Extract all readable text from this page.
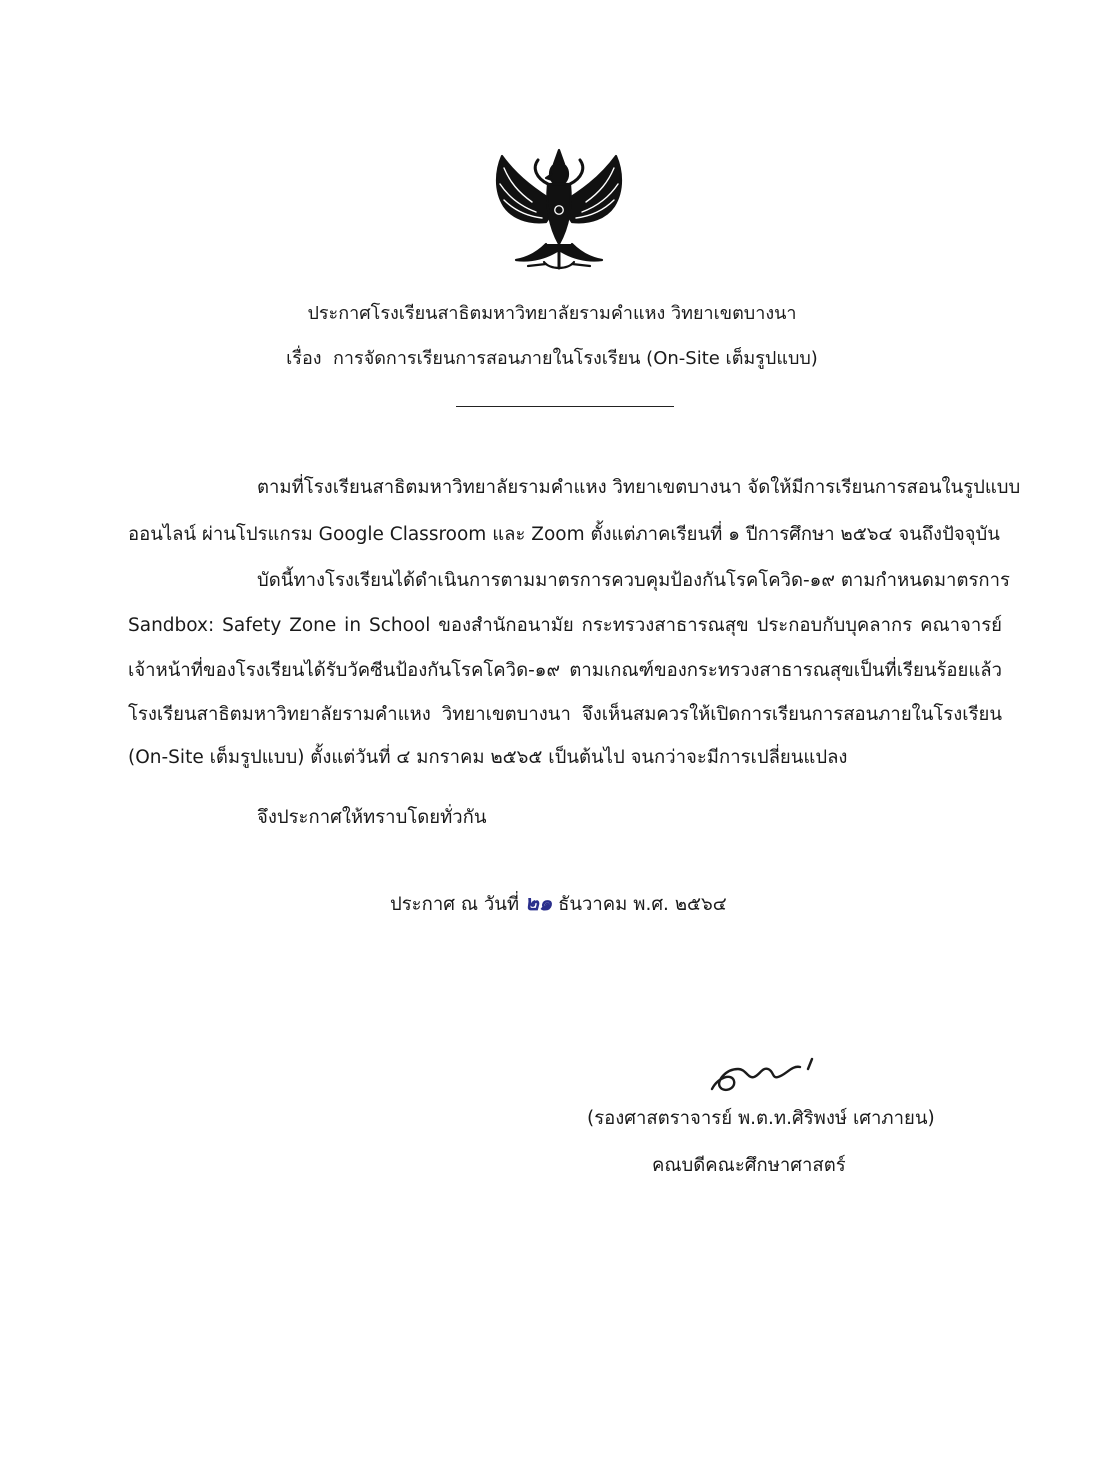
ประกาศโรงเรียนสาธิตมหาวิทยาลัยรามคำแหง วิทยาเขตบางนา
เรื่อง การจัดการเรียนการสอนภายในโรงเรียน (On-Site เต็มรูปแบบ)
ตามที่โรงเรียนสาธิตมหาวิทยาลัยรามคำแหง วิทยาเขตบางนา จัดให้มีการเรียนการสอนในรูปแบบ
ออนไลน์ ผ่านโปรแกรม Google Classroom และ Zoom ตั้งแต่ภาคเรียนที่ ๑ ปีการศึกษา ๒๕๖๔ จนถึงปัจจุบัน
บัดนี้ทางโรงเรียนได้ดำเนินการตามมาตรการควบคุมป้องกันโรคโควิด-๑๙ ตามกำหนดมาตรการ
Sandbox: Safety Zone in School ของสำนักอนามัย กระทรวงสาธารณสุข ประกอบกับบุคลากร คณาจารย์
เจ้าหน้าที่ของโรงเรียนได้รับวัคซีนป้องกันโรคโควิด-๑๙ ตามเกณฑ์ของกระทรวงสาธารณสุขเป็นที่เรียนร้อยแล้ว
โรงเรียนสาธิตมหาวิทยาลัยรามคำแหง วิทยาเขตบางนา จึงเห็นสมควรให้เปิดการเรียนการสอนภายในโรงเรียน
(On-Site เต็มรูปแบบ) ตั้งแต่วันที่ ๔ มกราคม ๒๕๖๕ เป็นต้นไป จนกว่าจะมีการเปลี่ยนแปลง
จึงประกาศให้ทราบโดยทั่วกัน
ประกาศ ณ วันที่ ๒๑ ธันวาคม พ.ศ. ๒๕๖๔
(รองศาสตราจารย์ พ.ต.ท.ศิริพงษ์ เศาภายน)
คณบดีคณะศึกษาศาสตร์
